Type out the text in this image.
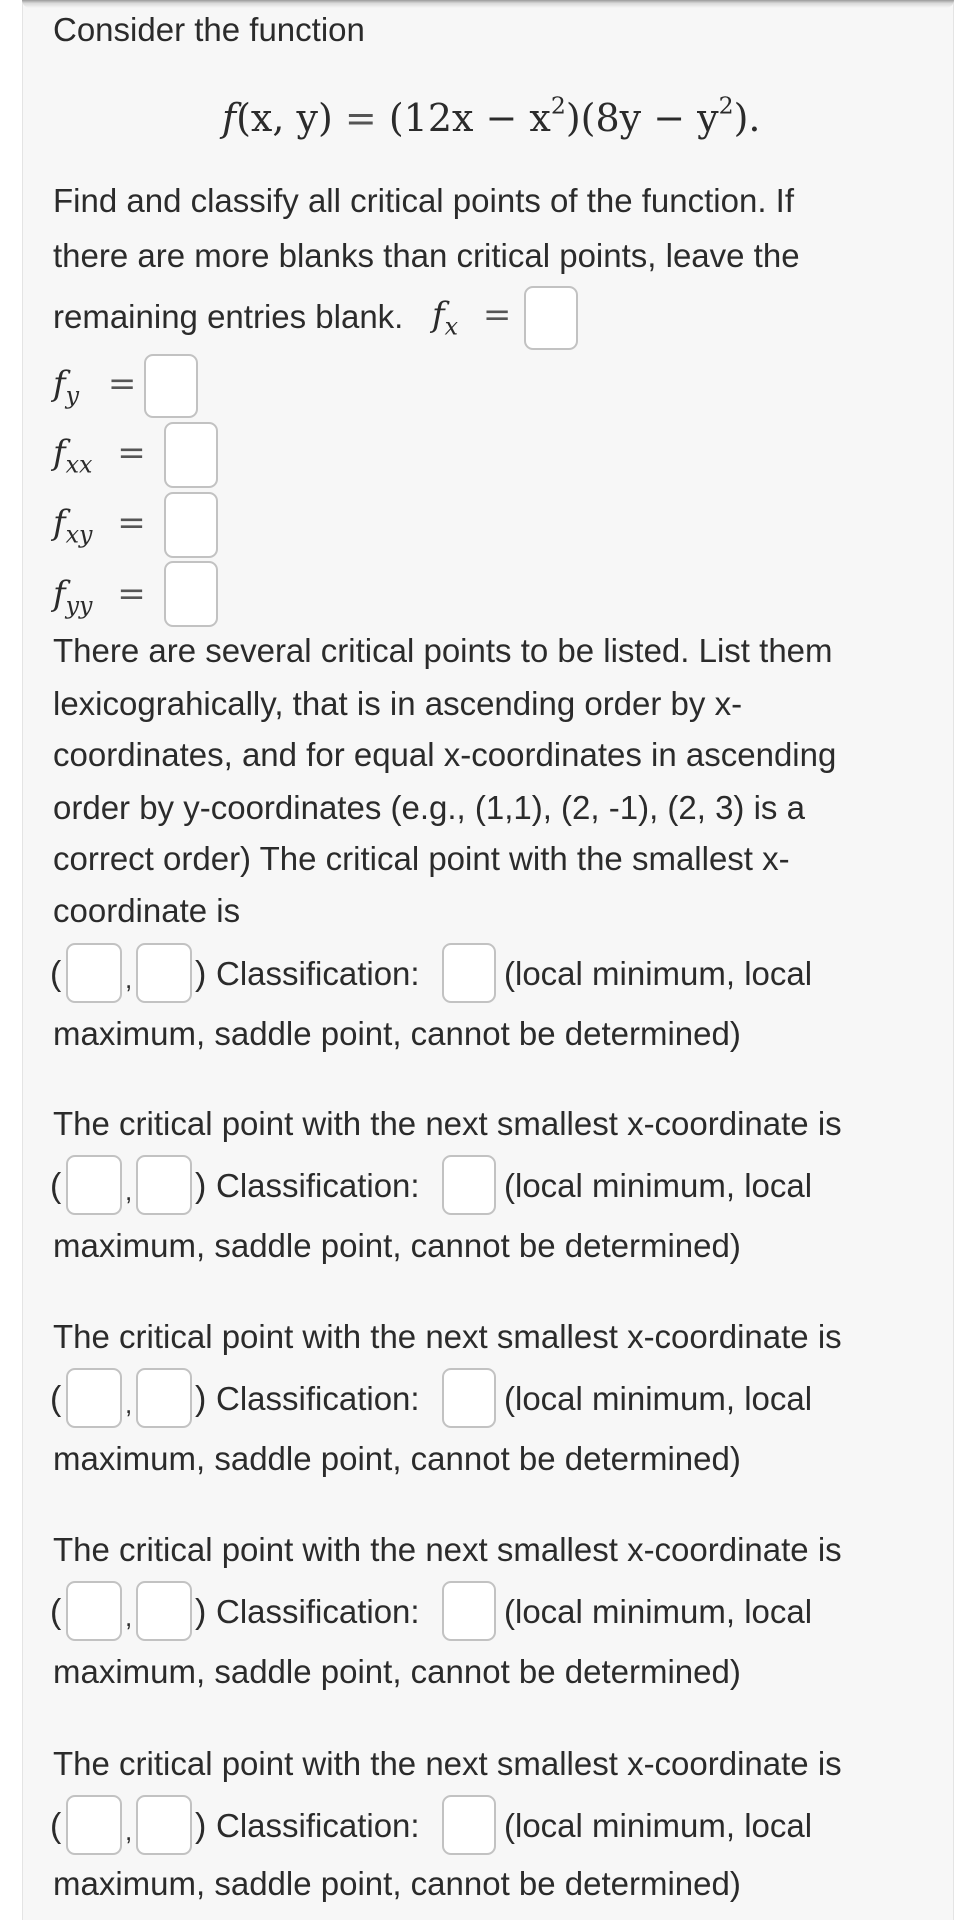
Consider the function
f(x, $y) = (12x - x^2)(8y - y^2)$.
Find and classify all critical points of the function. If
there are more blanks than critical points, leave the
remaining entries blank. $f_x$ =
$f_y$ =
$f_{xx}$ =
$f_{xy}$ =
$f_{yy}$ =
There are several critical points to be listed. List them
lexicograhically, that is in ascending order by x-
coordinates, and for equal x-coordinates in ascending
order by y-coordinates (e.g., (1,1), (2, -1), (2, 3) is a
correct order) The critical point with the smallest x-
coordinate is
( , ) Classification:	(local minimum, local
maximum, saddle point, cannot be determined)
The critical point with the next smallest x-coordinate is
( , ) Classification:	(local minimum, local
maximum, saddle point, cannot be determined)
The critical point with the next smallest x-coordinate is
( , ) Classification:	(local minimum, local
maximum, saddle point, cannot be determined)
The critical point with the next smallest x-coordinate is
( , ) Classification:	(local minimum, local
maximum, saddle point, cannot be determined)
The critical point with the next smallest x-coordinate is
( , ) Classification:	(local minimum, local
maximum, saddle point, cannot be determined)
